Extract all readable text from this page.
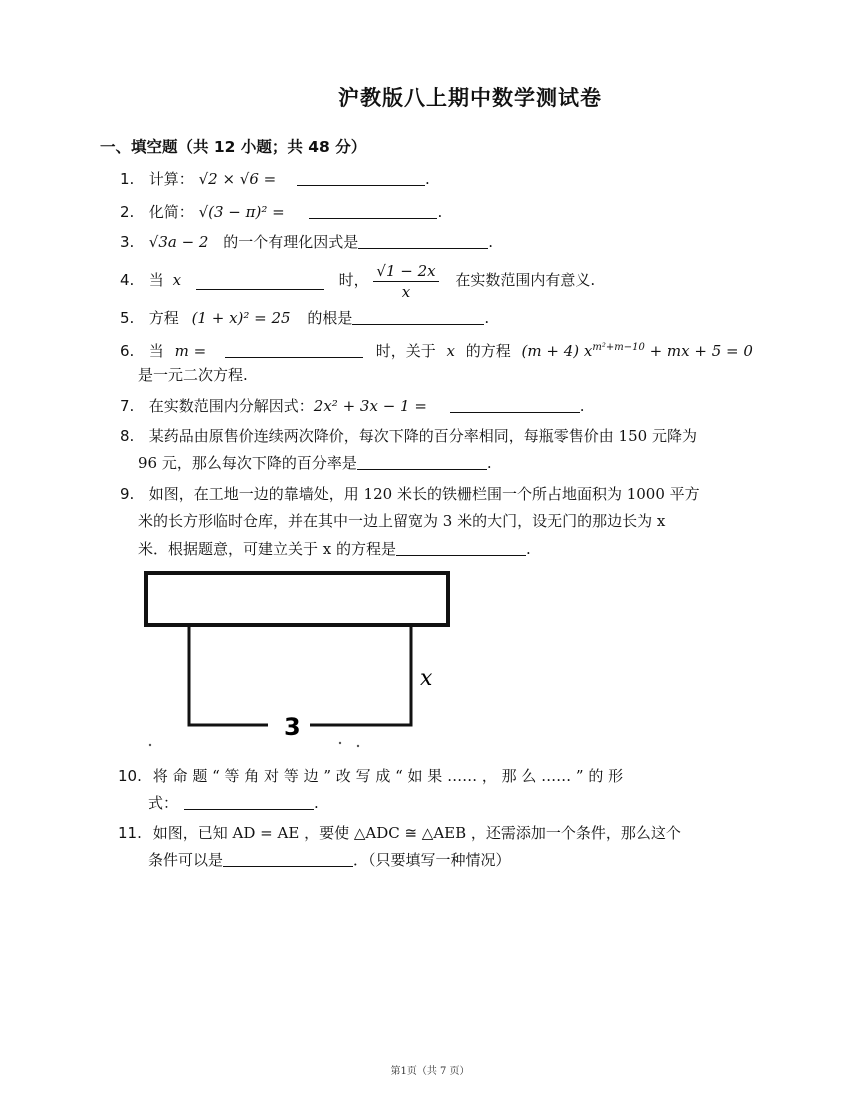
沪教版八上期中数学测试卷
一、填空题（共 12 小题；共 48 分）
1. 计算： √2 × √6 =	.
2. 化简： √(3 − π)² =	.
3. √3a − 2 的一个有理化因式是	.
4. 当 x	时， $\frac{√1 - 2x}{x}$ 在实数范围内有意义.
5. 方程 (1 + x)² = 25 的根是	.
6. 当 m =	时，关于 x 的方程 (m + 4) $x^{m^2+m-10}$ + mx + 5 = 0
是一元二次方程.
7. 在实数范围内分解因式：2x² + 3x − 1 =	.
8. 某药品由原售价连续两次降价，每次下降的百分率相同，每瓶零售价由 150 元降为
96 元，那么每次下降的百分率是	.
9. 如图，在工地一边的靠墙处，用 120 米长的铁栅栏围一个所占地面积为 1000 平方
米的长方形临时仓库，并在其中一边上留宽为 3 米的大门，设无门的那边长为 x
米．根据题意，可建立关于 x 的方程是	.
x
3
10. 将 命 题 “ 等 角 对 等 边 ” 改 写 成 “ 如 果 …… ， 那 么 …… ” 的 形
式：	.
11. 如图，已知 AD = AE ，要使 △ADC ≅ △AEB ，还需添加一个条件，那么这个
条件可以是	．（只要填写一种情况）
第1页（共 7 页）
